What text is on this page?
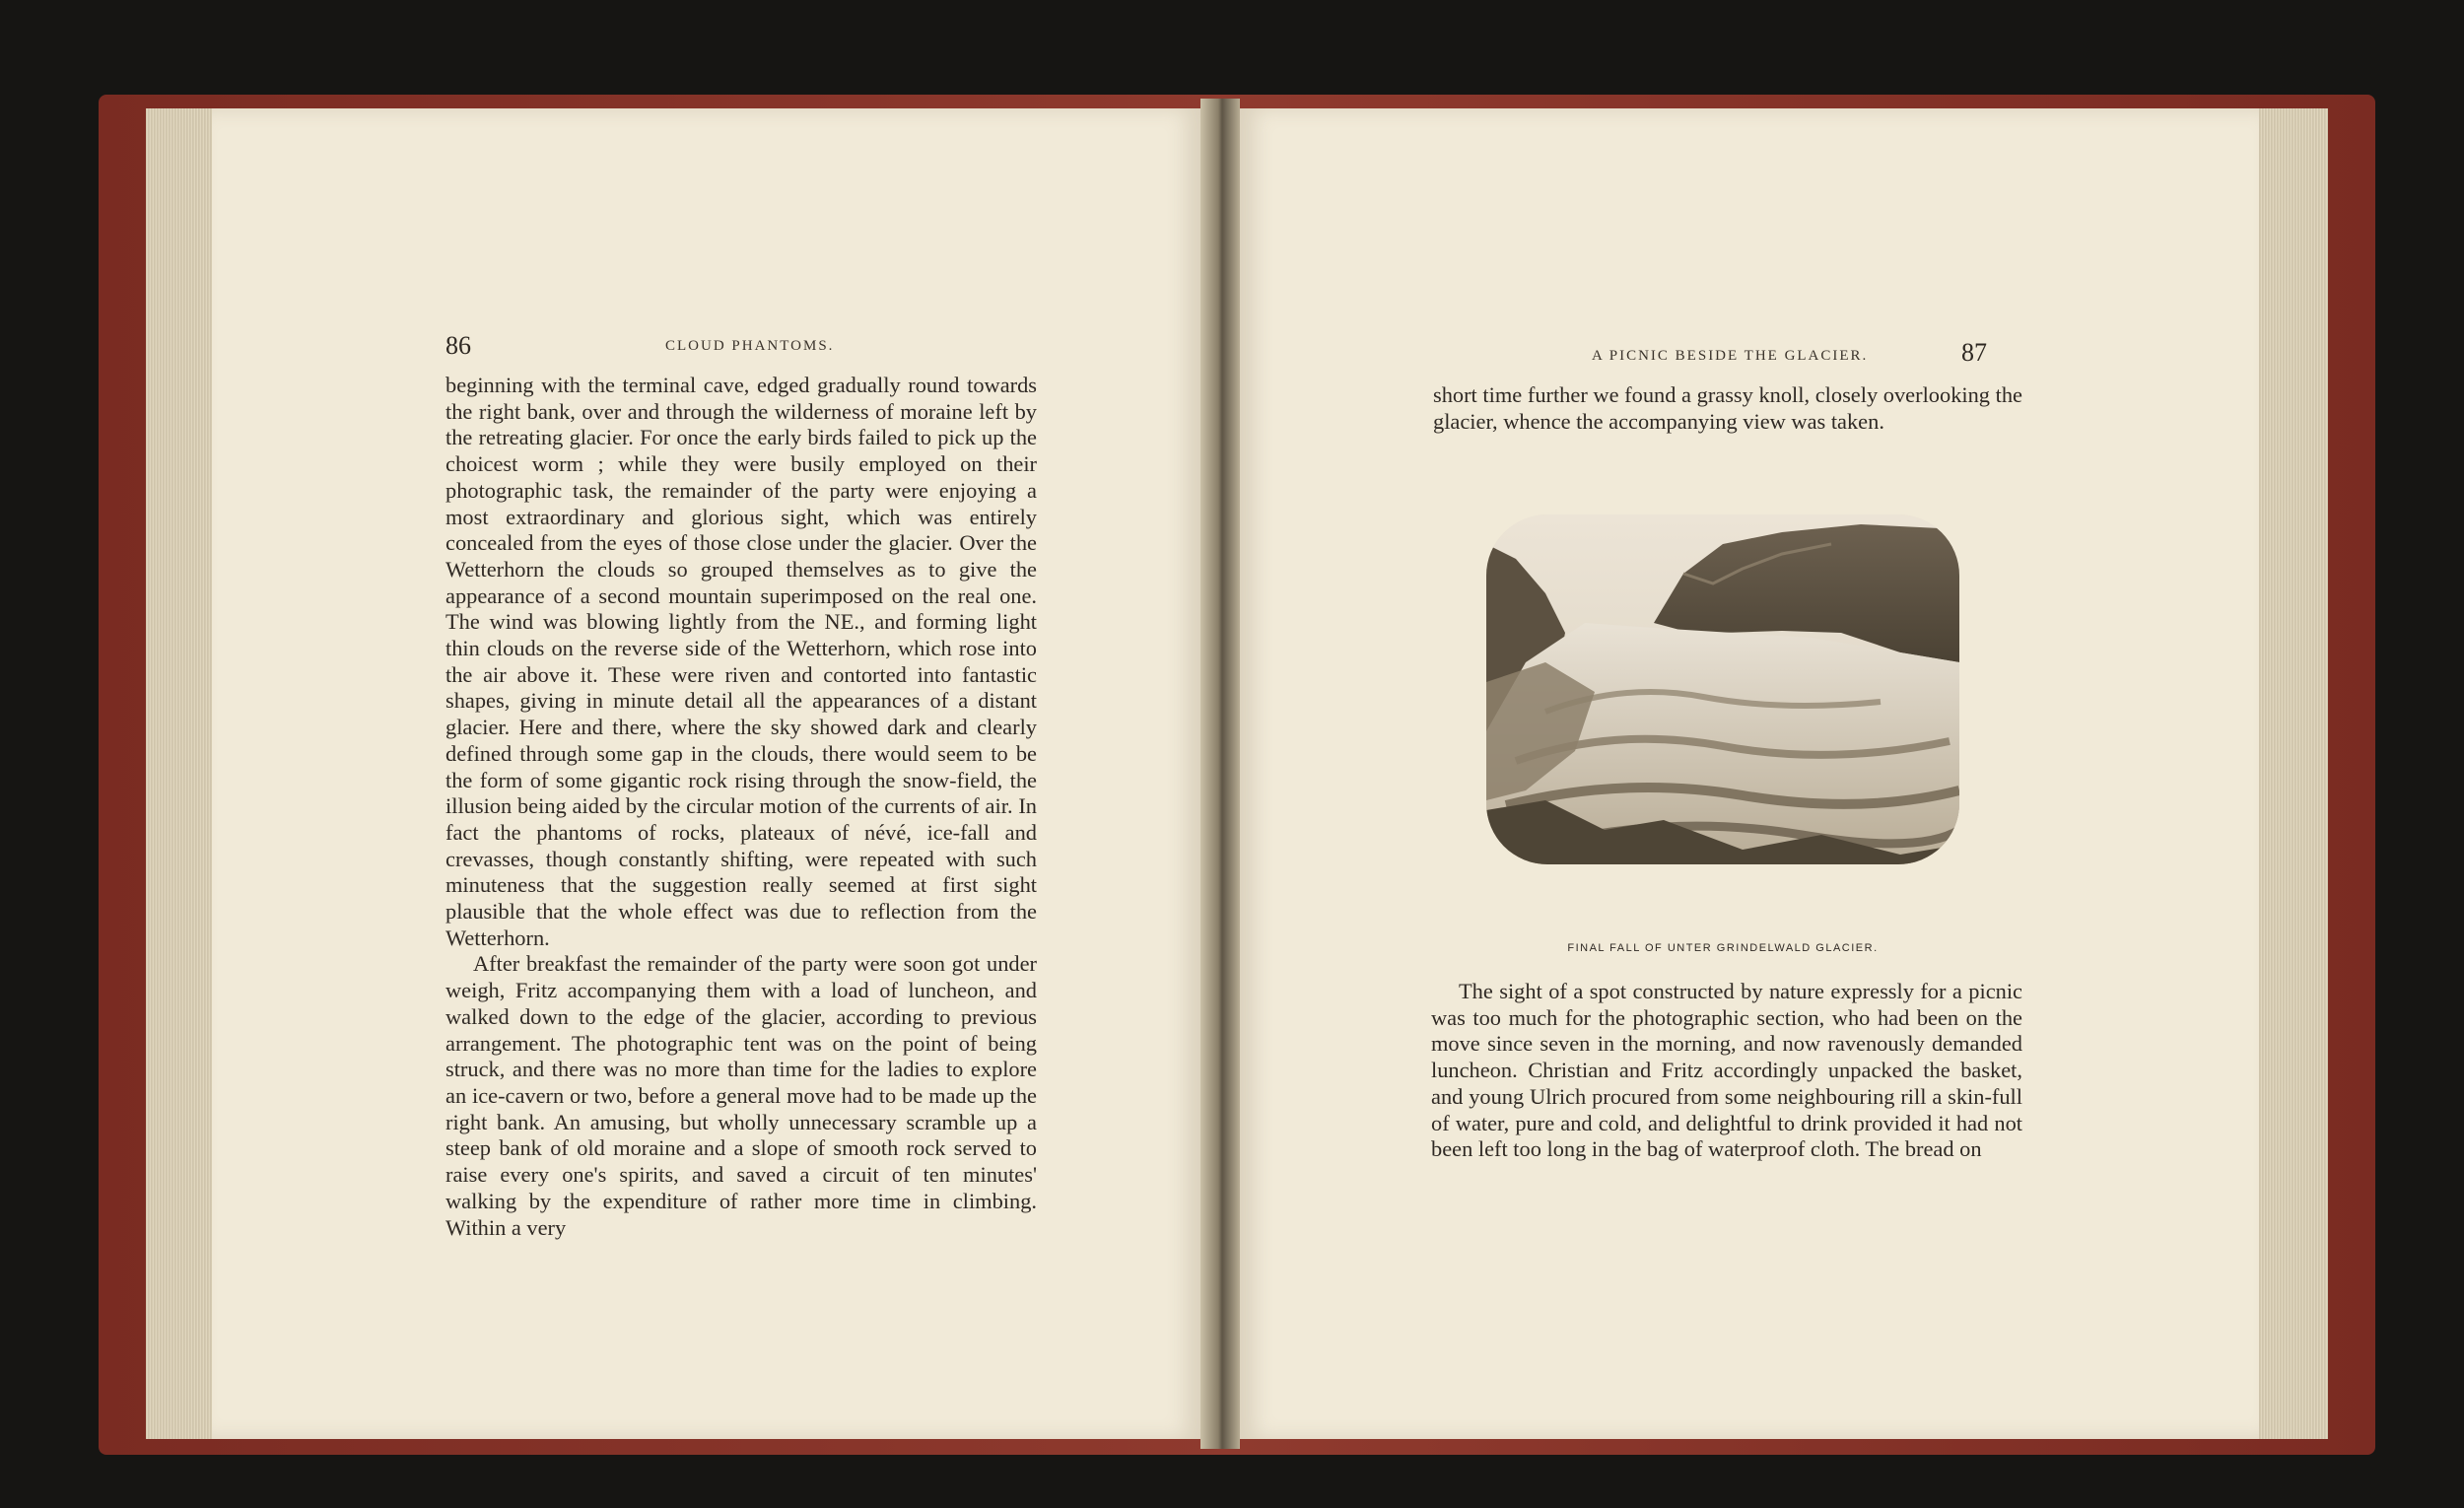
86	CLOUD PHANTOMS.

beginning with the terminal cave, edged gradually round towards the right bank, over and through the wilderness of moraine left by the retreating glacier. For once the early birds failed to pick up the choicest worm ; while they were busily employed on their photographic task, the remainder of the party were enjoying a most extraordinary and glorious sight, which was entirely concealed from the eyes of those close under the glacier. Over the Wetterhorn the clouds so grouped themselves as to give the appearance of a second mountain superimposed on the real one. The wind was blowing lightly from the NE., and forming light thin clouds on the reverse side of the Wetterhorn, which rose into the air above it. These were riven and contorted into fantastic shapes, giving in minute detail all the appearances of a distant glacier. Here and there, where the sky showed dark and clearly defined through some gap in the clouds, there would seem to be the form of some gigantic rock rising through the snow-field, the illusion being aided by the circular motion of the currents of air. In fact the phantoms of rocks, plateaux of névé, ice-fall and crevasses, though constantly shifting, were repeated with such minuteness that the suggestion really seemed at first sight plausible that the whole effect was due to reflection from the Wetterhorn.

After breakfast the remainder of the party were soon got under weigh, Fritz accompanying them with a load of luncheon, and walked down to the edge of the glacier, according to previous arrangement. The photographic tent was on the point of being struck, and there was no more than time for the ladies to explore an ice-cavern or two, before a general move had to be made up the right bank. An amusing, but wholly unnecessary scramble up a steep bank of old moraine and a slope of smooth rock served to raise every one's spirits, and saved a circuit of ten minutes' walking by the expenditure of rather more time in climbing. Within a very

A PICNIC BESIDE THE GLACIER.	87

short time further we found a grassy knoll, closely overlooking the glacier, whence the accompanying view was taken.

FINAL FALL OF UNTER GRINDELWALD GLACIER.

The sight of a spot constructed by nature expressly for a picnic was too much for the photographic section, who had been on the move since seven in the morning, and now ravenously demanded luncheon. Christian and Fritz accordingly unpacked the basket, and young Ulrich procured from some neighbouring rill a skin-full of water, pure and cold, and delightful to drink provided it had not been left too long in the bag of waterproof cloth. The bread on
